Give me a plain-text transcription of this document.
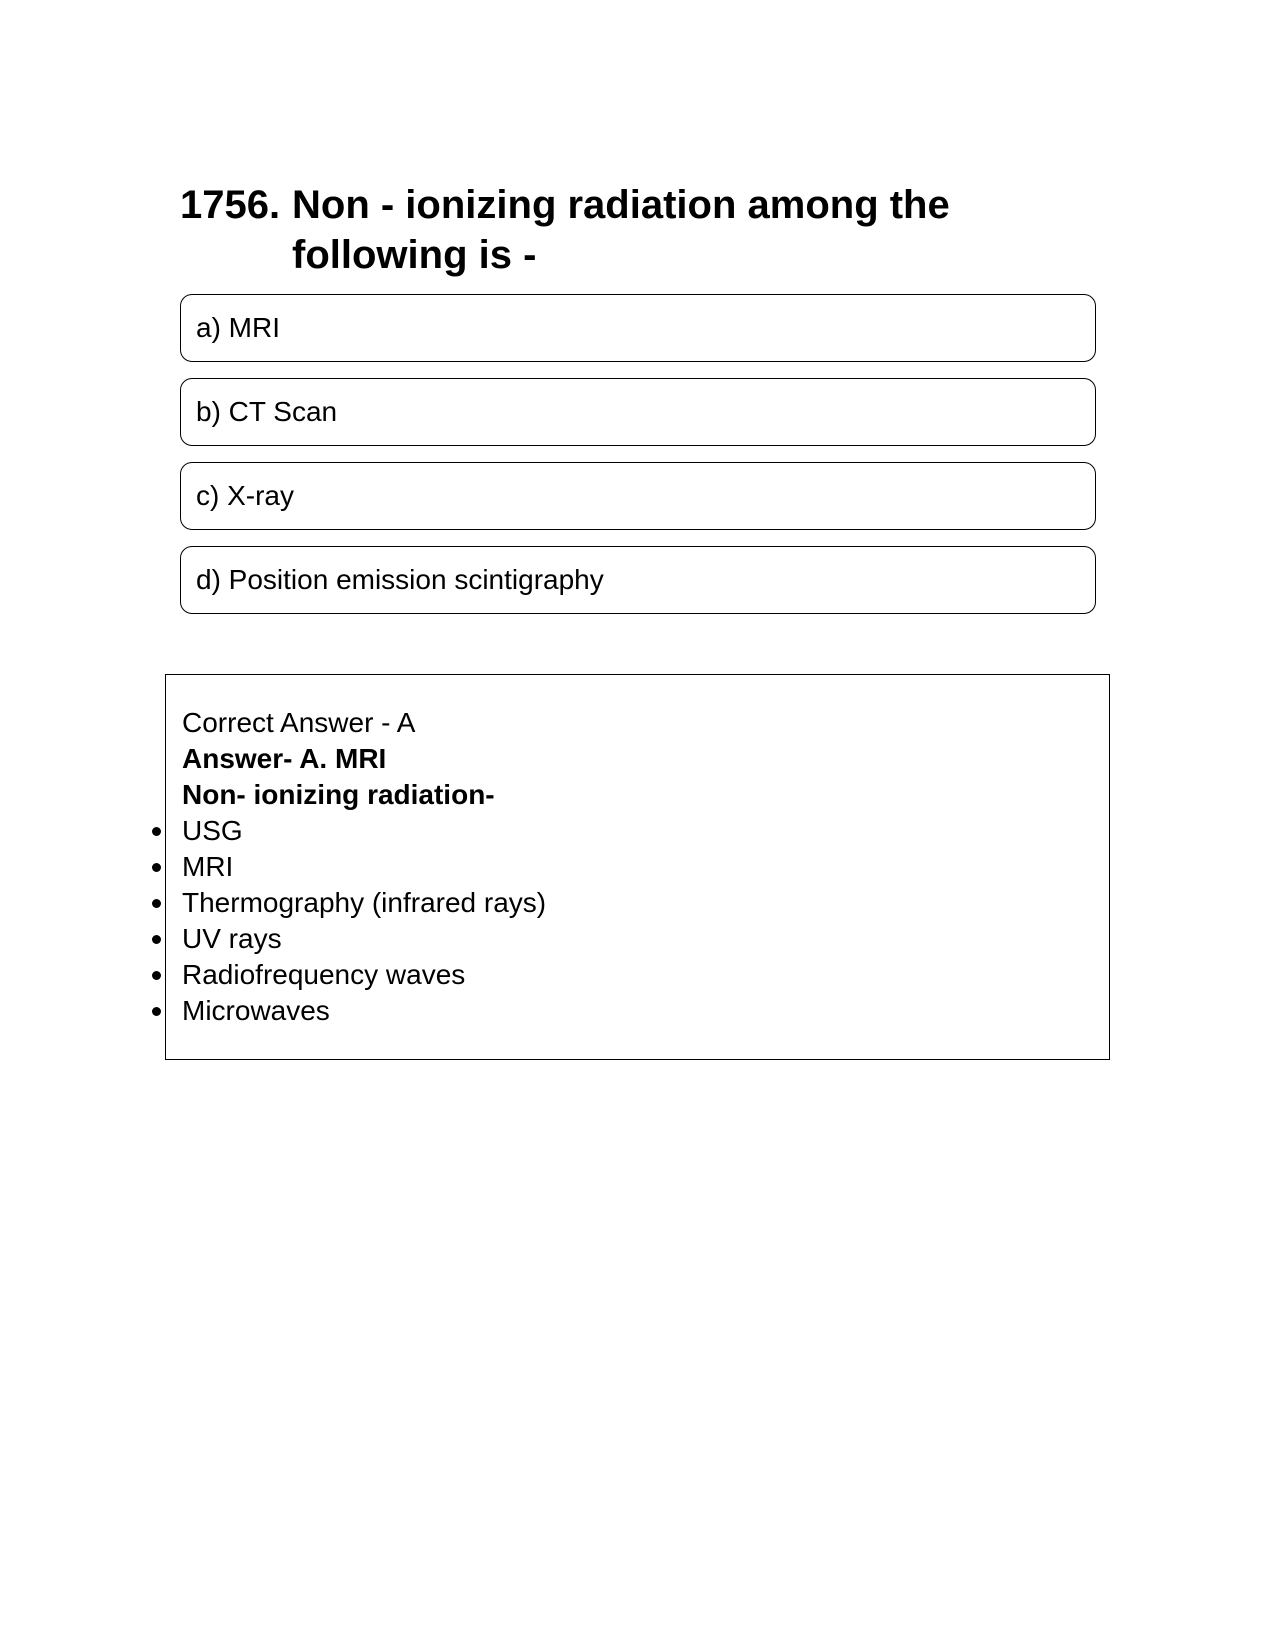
1756. Non - ionizing radiation among the following is -
a) MRI
b) CT Scan
c) X-ray
d) Position emission scintigraphy
Correct Answer - A
Answer- A. MRI
Non- ionizing radiation-
USG
MRI
Thermography (infrared rays)
UV rays
Radiofrequency waves
Microwaves
